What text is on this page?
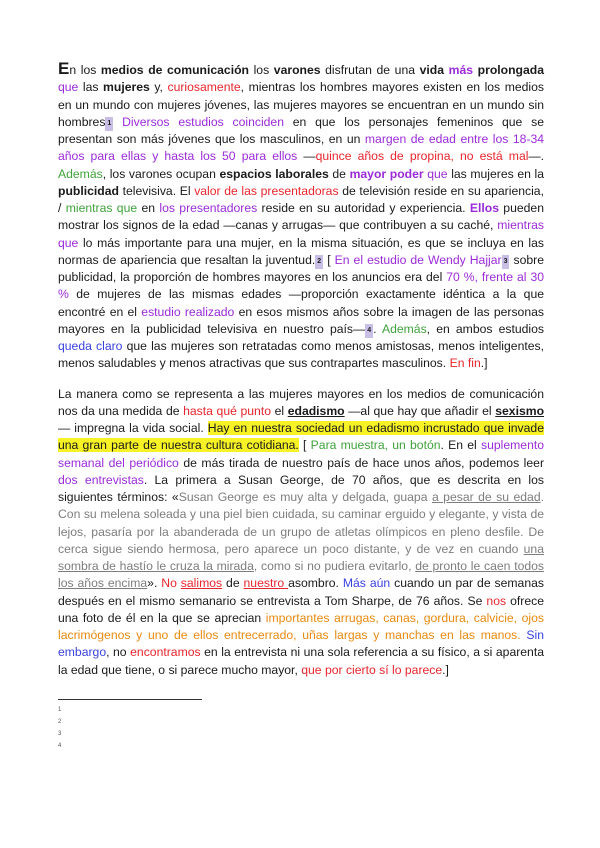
En los medios de comunicación los varones disfrutan de una vida más prolongada que las mujeres y, curiosamente, mientras los hombres mayores existen en los medios en un mundo con mujeres jóvenes, las mujeres mayores se encuentran en un mundo sin hombres 1 Diversos estudios coinciden en que los personajes femeninos que se presentan son más jóvenes que los masculinos, en un margen de edad entre los 18-34 años para ellas y hasta los 50 para ellos —quince años de propina, no está mal—. Además, los varones ocupan espacios laborales de mayor poder que las mujeres en la publicidad televisiva. El valor de las presentadoras de televisión reside en su apariencia, / mientras que en los presentadores reside en su autoridad y experiencia. Ellos pueden mostrar los signos de la edad —canas y arrugas— que contribuyen a su caché, mientras que lo más importante para una mujer, en la misma situación, es que se incluya en las normas de apariencia que resaltan la juventud. 2 [ En el estudio de Wendy Hajjar 3 sobre publicidad, la proporción de hombres mayores en los anuncios era del 70 %, frente al 30 % de mujeres de las mismas edades —proporción exactamente idéntica a la que encontré en el estudio realizado en esos mismos años sobre la imagen de las personas mayores en la publicidad televisiva en nuestro país— 4 . Además, en ambos estudios queda claro que las mujeres son retratadas como menos amistosas, menos inteligentes, menos saludables y menos atractivas que sus contrapartes masculinos. En fin.]

La manera como se representa a las mujeres mayores en los medios de comunicación nos da una medida de hasta qué punto el edadismo —al que hay que añadir el sexismo— impregna la vida social. Hay en nuestra sociedad un edadismo incrustado que invade una gran parte de nuestra cultura cotidiana. [ Para muestra, un botón. En el suplemento semanal del periódico de más tirada de nuestro país de hace unos años, podemos leer dos entrevistas. La primera a Susan George, de 70 años, que es descrita en los siguientes términos: «Susan George es muy alta y delgada, guapa a pesar de su edad. Con su melena soleada y una piel bien cuidada, su caminar erguido y elegante, y vista de lejos, pasaría por la abanderada de un grupo de atletas olímpicos en pleno desfile. De cerca sigue siendo hermosa, pero aparece un poco distante, y de vez en cuando una sombra de hastío le cruza la mirada, como si no pudiera evitarlo, de pronto le caen todos los años encima». No salimos de nuestro asombro. Más aún cuando un par de semanas después en el mismo semanario se entrevista a Tom Sharpe, de 76 años. Se nos ofrece una foto de él en la que se aprecian importantes arrugas, canas, gordura, calvicie, ojos lacrimógenos y uno de ellos entrecerrado, uñas largas y manchas en las manos. Sin embargo, no encontramos en la entrevista ni una sola referencia a su físico, a si aparenta la edad que tiene, o si parece mucho mayor, que por cierto sí lo parece.]

1
2
3
4
